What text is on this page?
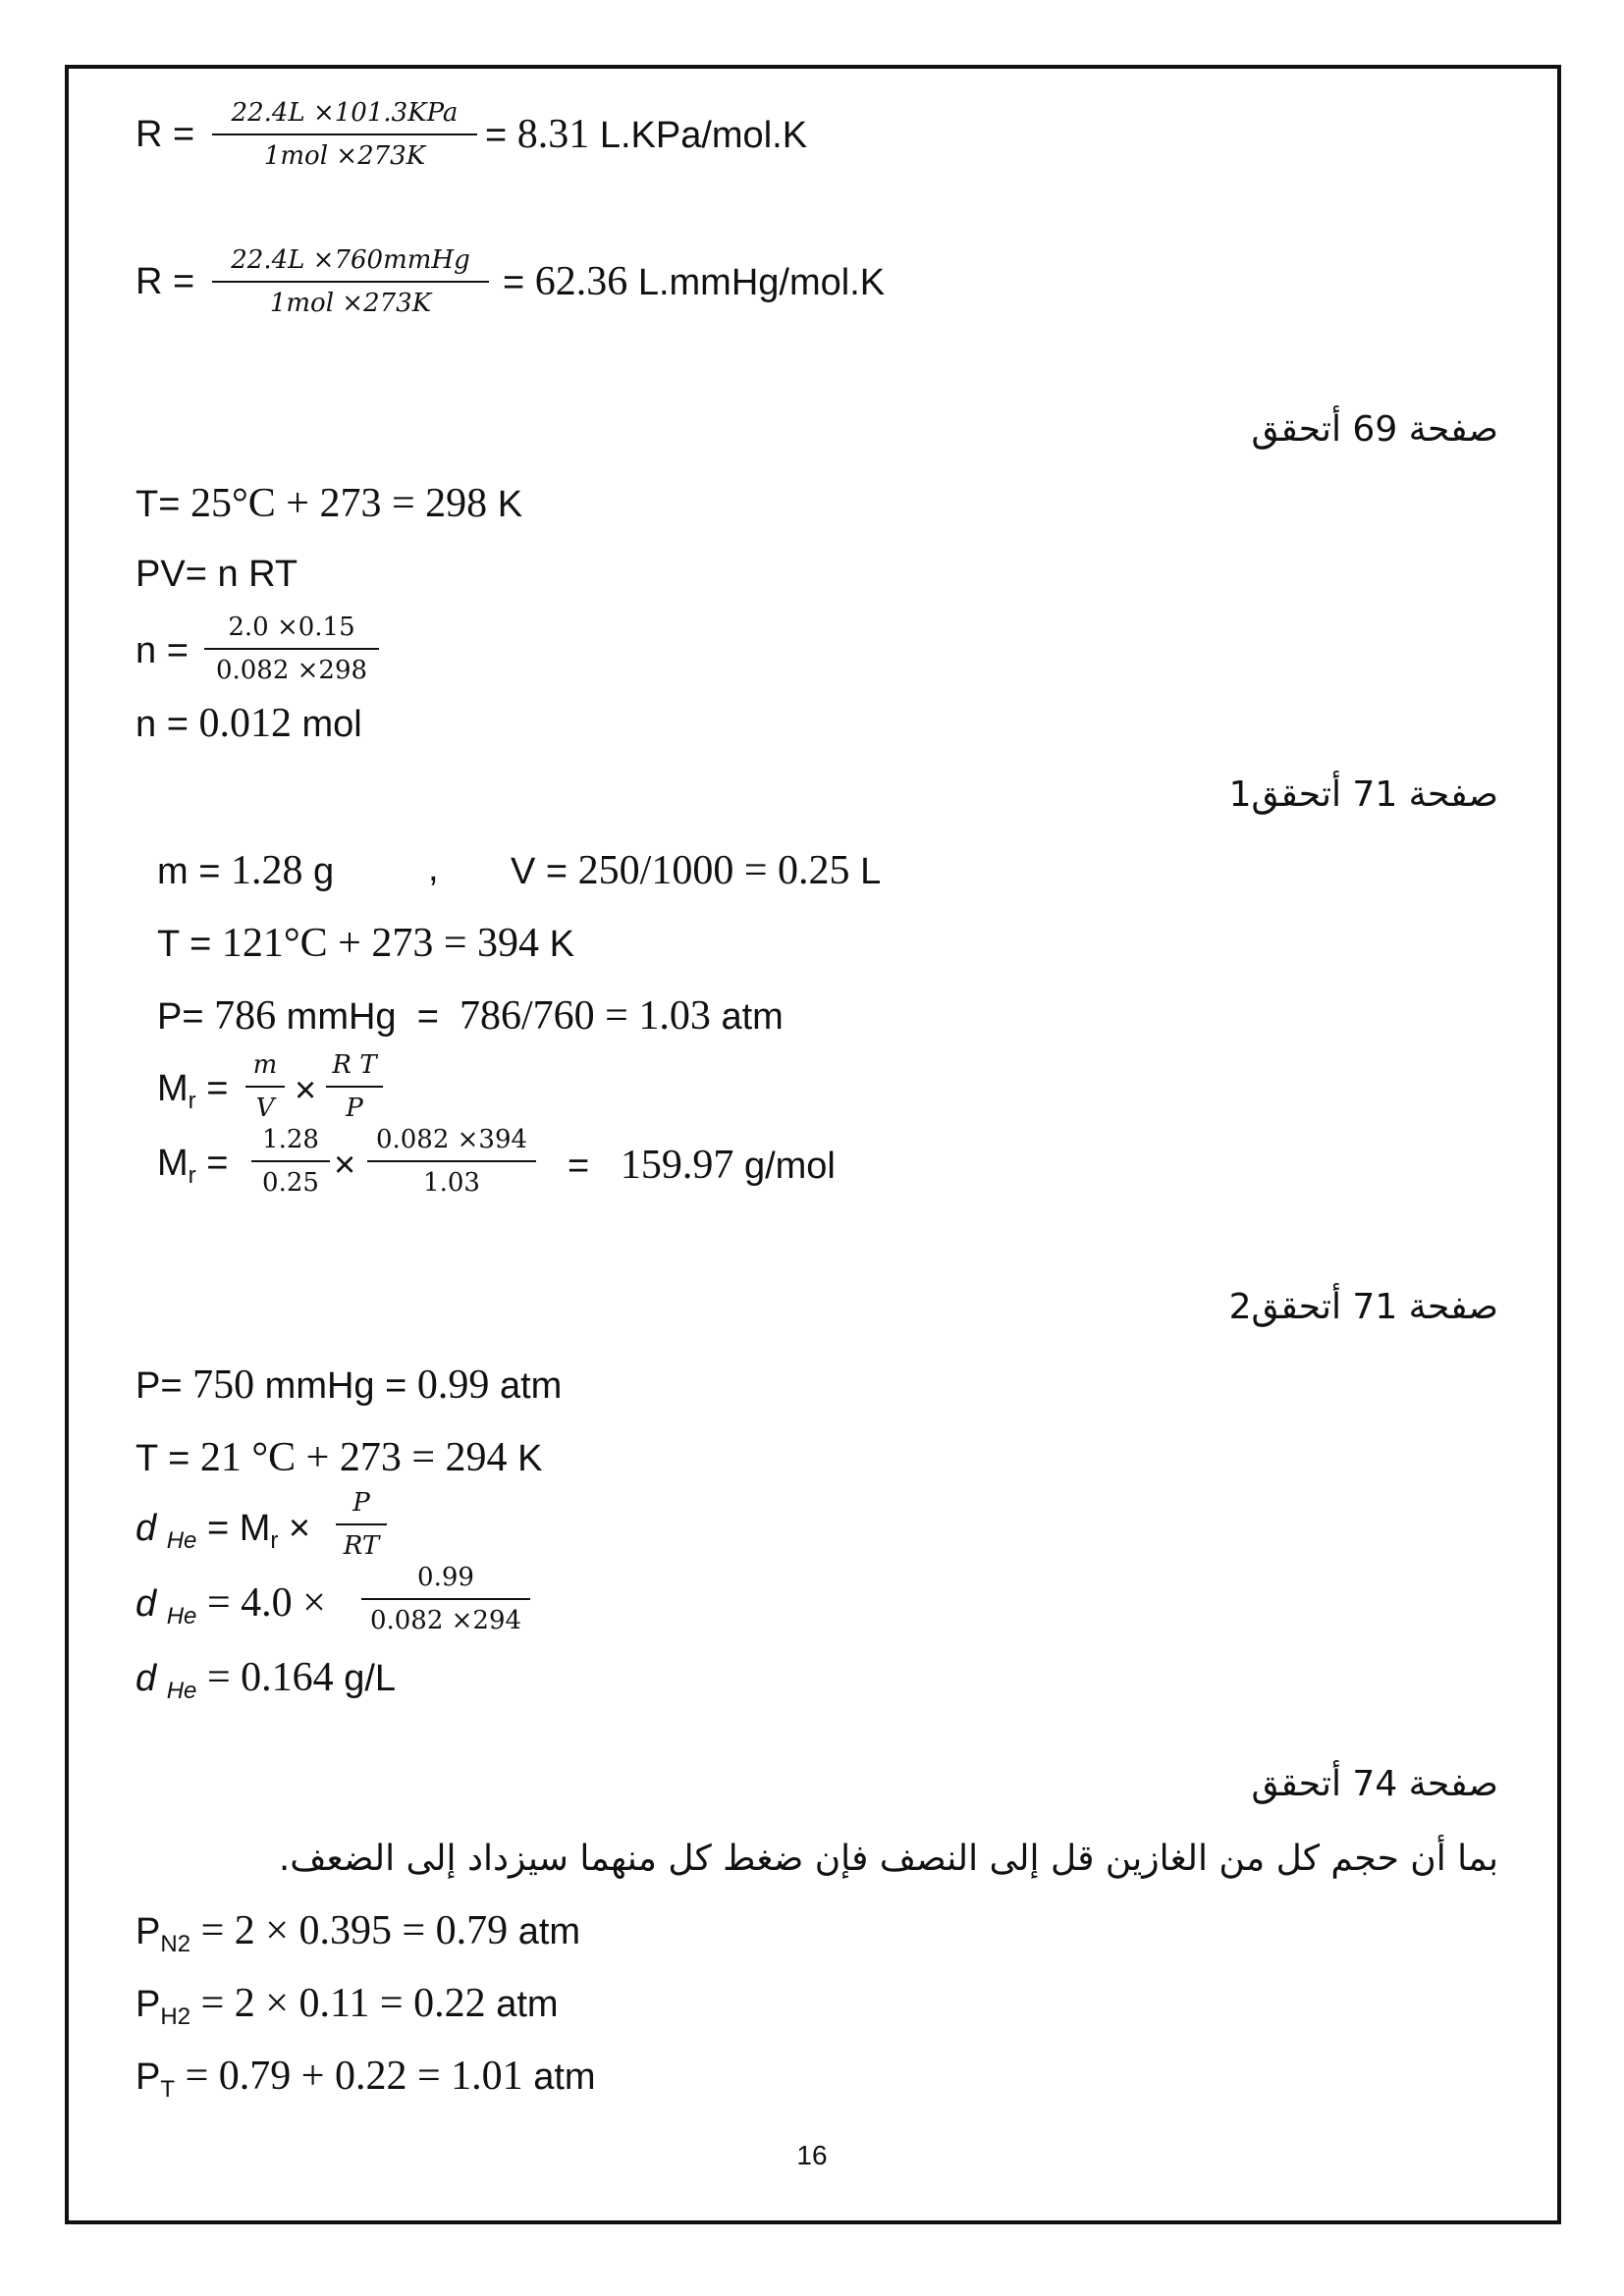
R =
22.4L ×101.3KPa
1mol ×273K	= 8.31 L.KPa/mol.K
R =
22.4L ×760mmHg
1mol ×273K	= 62.36 L.mmHg/mol.K
صفحة 69 أتحقق
T= 25°C + 273 = 298 K
PV= n RT
$n = \frac{2.0 \times 0.15}{0.082 \times 298}$
n = 0.012 mol
صفحة 71 أتحقق1
m = 1.28 g	, V = 250/1000 = 0.25 L
T = 121°C + 273 = 394 K
P= 786 mmHg = 786/760 = 1.03 atm
$M_r = \frac{m}{V} \times \frac{\text{R T}}{P}$
$M_r = \frac{1.28}{0.25} \times \frac{0.082 \times 394}{1.03} = 159.97$ g/mol
صفحة 71 أتحقق2
P= 750 mmHg = 0.99 atm
T = 21 °C + 273 = 294 K
d $_{He} = M_r \times \frac{P}{RT}$
d $_{He} = 4.0 \times \frac{0.99}{0.082 \times 294}$
d $_{He}$ = 0.164 g/L
صفحة 74 أتحقق
بما أن حجم كل من الغازين قل إلى النصف فإن ضغط كل منهما سيزداد إلى الضعف.
$P_{N2} = 2 \times 0.395 = 0.79$ atm
$P_{H2} = 2 \times 0.11 = 0.22$ atm
$P_T = 0.79 + 0.22 = 1.01$ atm
16
